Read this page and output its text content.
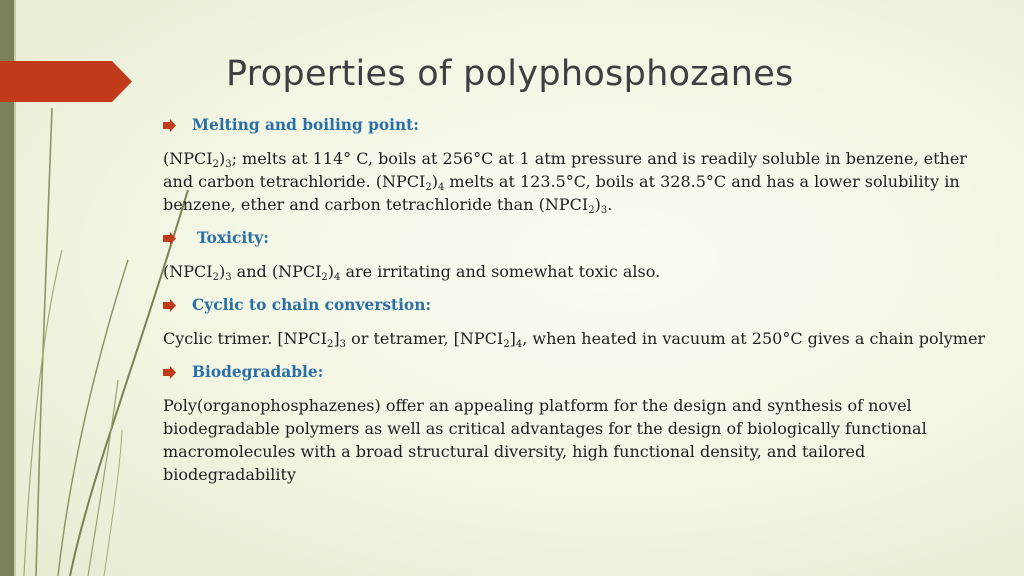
Properties of polyphosphozanes
Melting and boiling point:

$(NPCI_2)_3$; melts at 114° C, boils at 256°C at 1 atm pressure and is readily soluble in benzene, ether and carbon tetrachloride. $(NPCI_2)_4$ melts at 123.5°C, boils at 328.5°C and has a lower solubility in benzene, ether and carbon tetrachloride than $(NPCI_2)_3$.

Toxicity:

$(NPCI_2)_3$ and $(NPCI_2)_4$ are irritating and somewhat toxic also.

Cyclic to chain converstion:

Cyclic trimer. $[NPCI_2]_3$ or tetramer, $[NPCI_2]_4$, when heated in vacuum at 250°C gives a chain polymer

Biodegradable:

Poly(organophosphazenes) offer an appealing platform for the design and synthesis of novel biodegradable polymers as well as critical advantages for the design of biologically functional macromolecules with a broad structural diversity, high functional density, and tailored biodegradability
